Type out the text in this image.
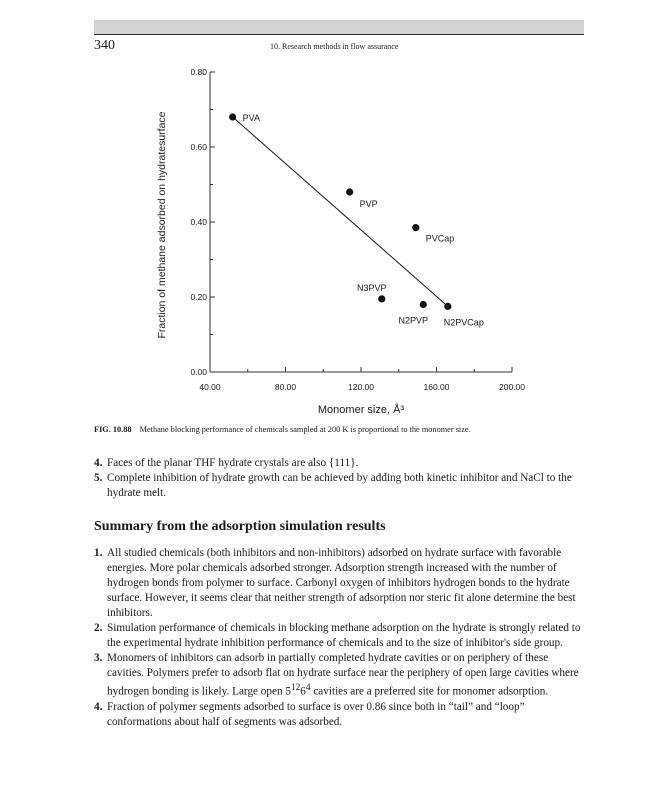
340	10. Research methods in flow assurance
0.00
0.20
0.40
0.60
0.80
40.00	80.00	120.00	160.00	200.00
Monomer size, Å³
Fraction of methane adsorbed on hydratesurface	PVA
PVP
PVCap
N3PVP
N2PVP N2PVCap
FIG. 10.88 Methane blocking performance of chemicals sampled at 200 K is proportional to the monomer size.
4. Faces of the planar THF hydrate crystals are also {111}.
5. Complete inhibition of hydrate growth can be achieved by adding both kinetic inhibitor and NaCl to the hydrate melt.
Summary from the adsorption simulation results
1. All studied chemicals (both inhibitors and non-inhibitors) adsorbed on hydrate surface with favorable energies. More polar chemicals adsorbed stronger. Adsorption strength increased with the number of hydrogen bonds from polymer to surface. Carbonyl oxygen of inhibitors hydrogen bonds to the hydrate surface. However, it seems clear that neither strength of adsorption nor steric fit alone determine the best inhibitors.
2. Simulation performance of chemicals in blocking methane adsorption on the hydrate is strongly related to the experimental hydrate inhibition performance of chemicals and to the size of inhibitor's side group.
3. Monomers of inhibitors can adsorb in partially completed hydrate cavities or on periphery of these cavities. Polymers prefer to adsorb flat on hydrate surface near the periphery of open large cavities where hydrogen bonding is likely. Large open $5^{12}6^4$ cavities are a preferred site for monomer adsorption.
4. Fraction of polymer segments adsorbed to surface is over 0.86 since both in “tail” and “loop” conformations about half of segments was adsorbed.
